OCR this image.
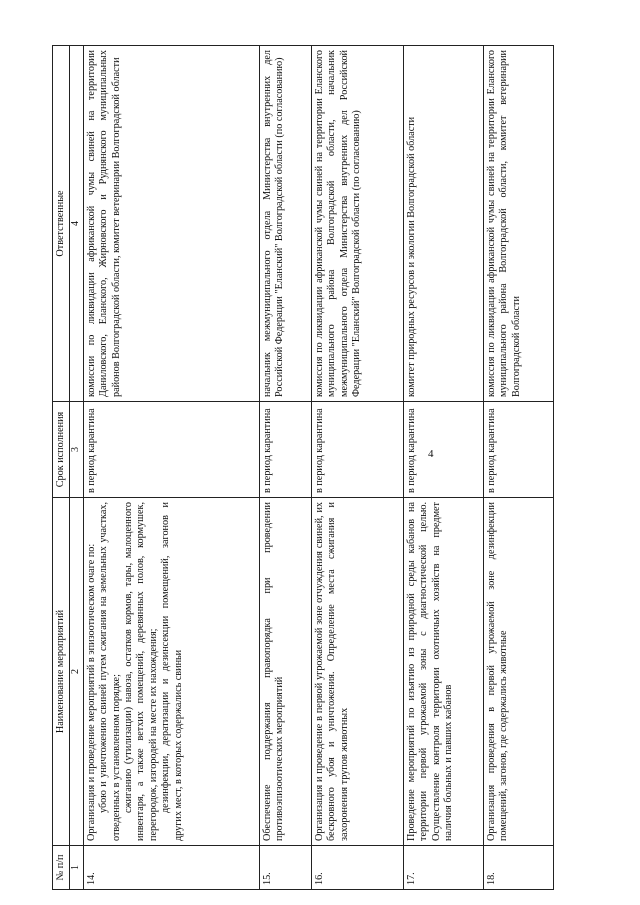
4
№ п/п	Наименование мероприятий	Срок исполнения	Ответственные
1	2	3	4
14.	Организация и проведение мероприятий в эпизоотическом очаге по: убою и уничтожению свиней путем сжигания на земельных участках, отведенных в установленном порядке; сжиганию (утилизации) навоза, остатков кормов, тары, малоценного инвентаря, а также ветхих помещений, деревянных полов, кормушек, перегородок, изгородей на месте их нахождения; дезинфекции, дератизации и дезинсекции помещений, загонов и других мест, в которых содержались свиньи	в период карантина	комиссии по ликвидации африканской чумы свиней на территории Даниловского, Еланского, Жирновского и Руднянского муниципальных районов Волгоградской области, комитет ветеринарии Волгоградской области
15.	Обеспечение поддержания правопорядка при проведении противоэпизоотических мероприятий	в период карантина	начальник межмуниципального отдела Министерства внутренних дел Российской Федерации "Еланский" Волгоградской области (по согласованию)
16.	Организация и проведение в первой угрожаемой зоне отчуждения свиней, их бескровного убоя и уничтожения. Определение места сжигания и захоронения трупов животных	в период карантина	комиссия по ликвидации африканской чумы свиней на территории Еланского муниципального района Волгоградской области, начальник межмуниципального отдела Министерства внутренних дел Российской Федерации "Еланский" Волгоградской области (по согласованию)
17.	Проведение мероприятий по изъятию из природной среды кабанов на территории первой угрожаемой зоны с диагностической целью. Осуществление контроля территории охотничьих хозяйств на предмет наличия больных и павших кабанов	в период карантина	комитет природных ресурсов и экологии Волгоградской области
18.	Организация проведения в первой угрожаемой зоне дезинфекции помещений, загонов, где содержались животные	в период карантина	комиссия по ликвидации африканской чумы свиней на территории Еланского муниципального района Волгоградской области, комитет ветеринарии Волгоградской области
